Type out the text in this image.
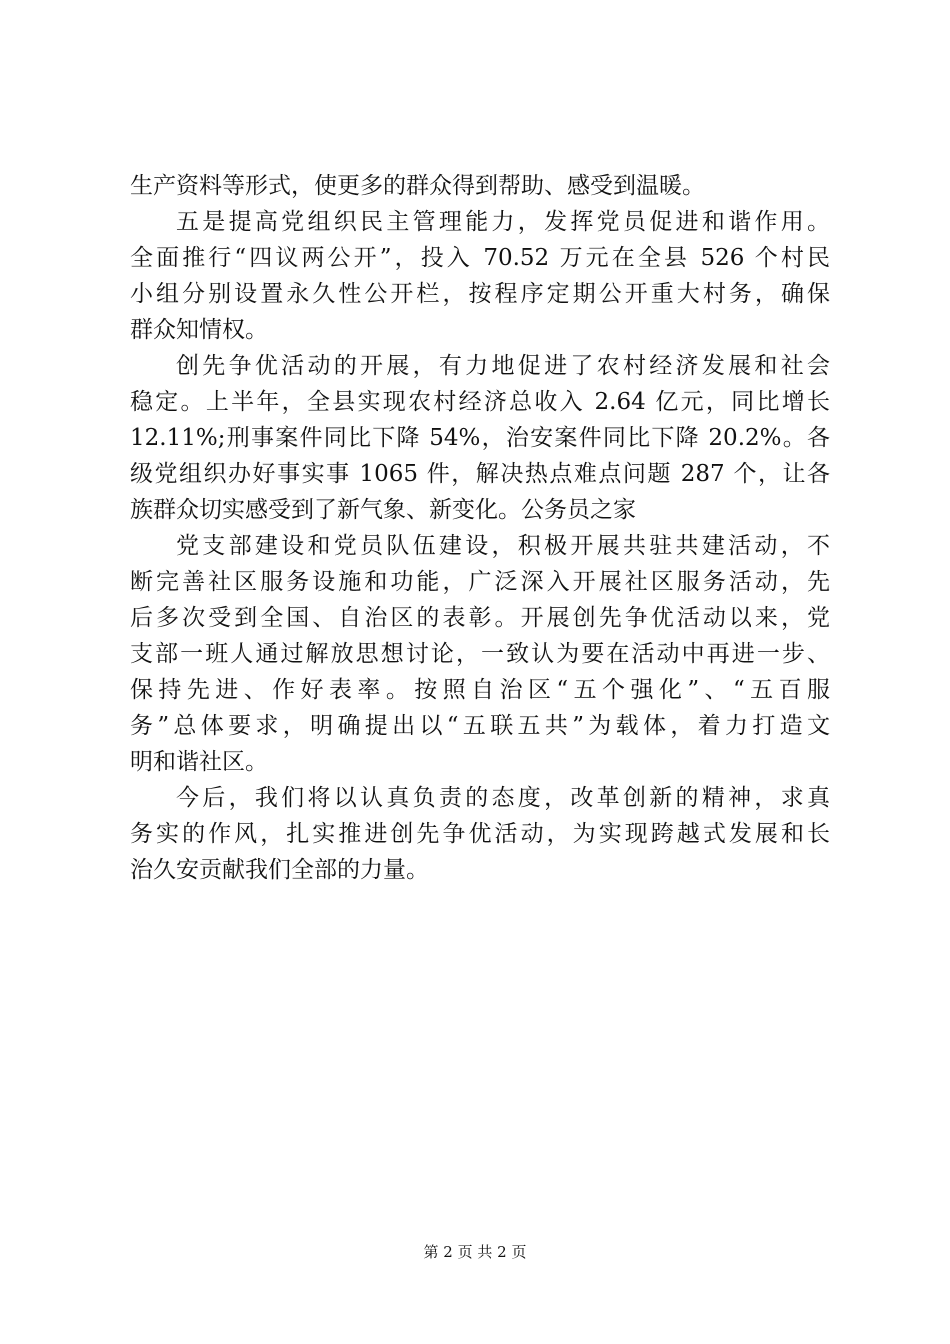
生产资料等形式，使更多的群众得到帮助、感受到温暖。
五是提高党组织民主管理能力，发挥党员促进和谐作用。
全面推行“四议两公开”，投入 70.52 万元在全县 526 个村民
小组分别设置永久性公开栏，按程序定期公开重大村务，确保
群众知情权。
创先争优活动的开展，有力地促进了农村经济发展和社会
稳定。上半年，全县实现农村经济总收入 2.64 亿元，同比增长
12.11%;刑事案件同比下降 54%，治安案件同比下降 20.2%。各
级党组织办好事实事 1065 件，解决热点难点问题 287 个，让各
族群众切实感受到了新气象、新变化。公务员之家
党支部建设和党员队伍建设，积极开展共驻共建活动，不
断完善社区服务设施和功能，广泛深入开展社区服务活动，先
后多次受到全国、自治区的表彰。开展创先争优活动以来，党
支部一班人通过解放思想讨论，一致认为要在活动中再进一步、
保持先进、作好表率。按照自治区“五个强化”、“五百服
务”总体要求，明确提出以“五联五共”为载体，着力打造文
明和谐社区。
今后，我们将以认真负责的态度，改革创新的精神，求真
务实的作风，扎实推进创先争优活动，为实现跨越式发展和长
治久安贡献我们全部的力量。
第 2 页 共 2 页
